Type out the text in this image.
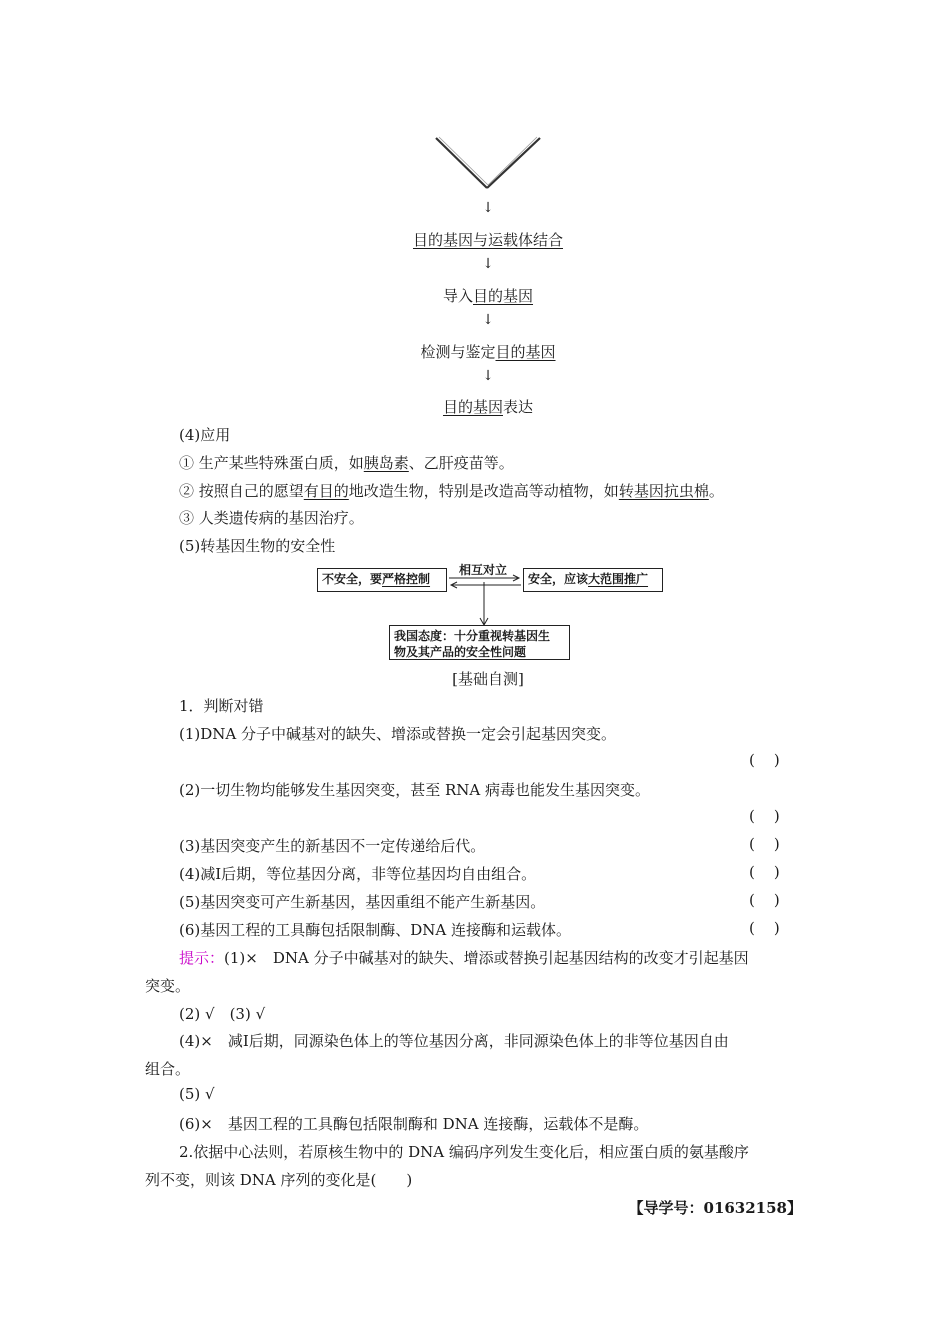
↓
目的基因与运载体结合
↓
导入目的基因
↓
检测与鉴定目的基因
↓
目的基因表达
(4)应用
① 生产某些特殊蛋白质，如胰岛素、乙肝疫苗等。
② 按照自己的愿望有目的地改造生物，特别是改造高等动植物，如转基因抗虫棉。
③ 人类遗传病的基因治疗。
(5)转基因生物的安全性
不安全，要严格控制
相互对立
安全，应该大范围推广
我国态度：十分重视转基因生
物及其产品的安全性问题
[基础自测]
1．判断对错
(1)DNA 分子中碱基对的缺失、增添或替换一定会引起基因突变。
(    )
(2)一切生物均能够发生基因突变，甚至 RNA 病毒也能发生基因突变。
(    )
(3)基因突变产生的新基因不一定传递给后代。	(    )
(4)减Ⅰ后期，等位基因分离，非等位基因均自由组合。	(    )
(5)基因突变可产生新基因，基因重组不能产生新基因。	(    )
(6)基因工程的工具酶包括限制酶、DNA 连接酶和运载体。	(    )
提示：(1)×　DNA 分子中碱基对的缺失、增添或替换引起基因结构的改变才引起基因
突变。
(2) √　(3) √
(4)×　减Ⅰ后期，同源染色体上的等位基因分离，非同源染色体上的非等位基因自由
组合。
(5) √
(6)×　基因工程的工具酶包括限制酶和 DNA 连接酶，运载体不是酶。
2.依据中心法则，若原核生物中的 DNA 编码序列发生变化后，相应蛋白质的氨基酸序
列不变，则该 DNA 序列的变化是(　　)
【导学号：01632158】
